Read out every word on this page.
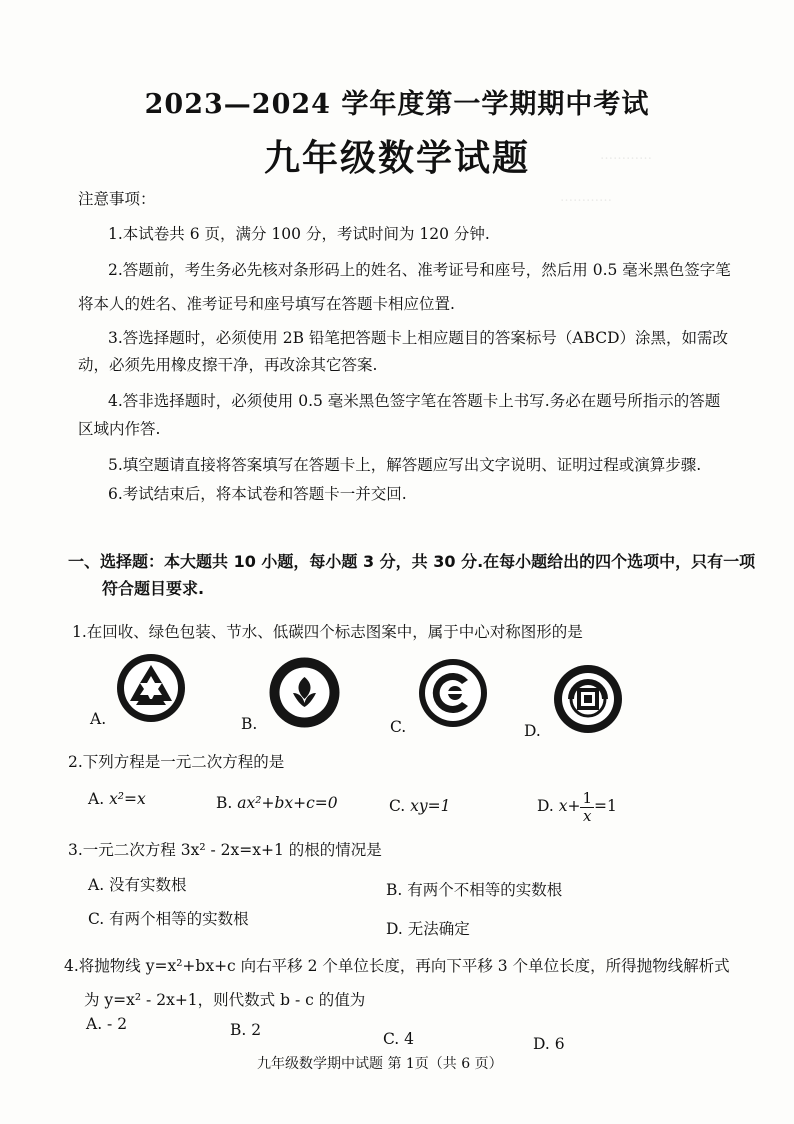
…………
…………
2023—2024 学年度第一学期期中考试
九年级数学试题
注意事项：
1.本试卷共 6 页，满分 100 分，考试时间为 120 分钟.
2.答题前，考生务必先核对条形码上的姓名、准考证号和座号，然后用 0.5 毫米黑色签字笔
将本人的姓名、准考证号和座号填写在答题卡相应位置.
3.答选择题时，必须使用 2B 铅笔把答题卡上相应题目的答案标号（ABCD）涂黑，如需改
动，必须先用橡皮擦干净，再改涂其它答案.
4.答非选择题时，必须使用 0.5 毫米黑色签字笔在答题卡上书写.务必在题号所指示的答题
区域内作答.
5.填空题请直接将答案填写在答题卡上，解答题应写出文字说明、证明过程或演算步骤.
6.考试结束后，将本试卷和答题卡一并交回.
一、选择题：本大题共 10 小题，每小题 3 分，共 30 分.在每小题给出的四个选项中，只有一项
符合题目要求.
1.在回收、绿色包装、节水、低碳四个标志图案中，属于中心对称图形的是
A.	B.	C.	D.
2.下列方程是一元二次方程的是
A. x²=x	B. ax²+bx+c=0	C. xy=1	D. $x+ \frac{1}{x} =1$
3.一元二次方程 3x² - 2x=x+1 的根的情况是
A. 没有实数根	B. 有两个不相等的实数根
C. 有两个相等的实数根
D. 无法确定
4.将抛物线 y=x²+bx+c 向右平移 2 个单位长度，再向下平移 3 个单位长度，所得抛物线解析式
为 y=x² - 2x+1，则代数式 b - c 的值为
A. - 2	B. 2	C. 4	D. 6
九年级数学期中试题 第 1页（共 6 页）
